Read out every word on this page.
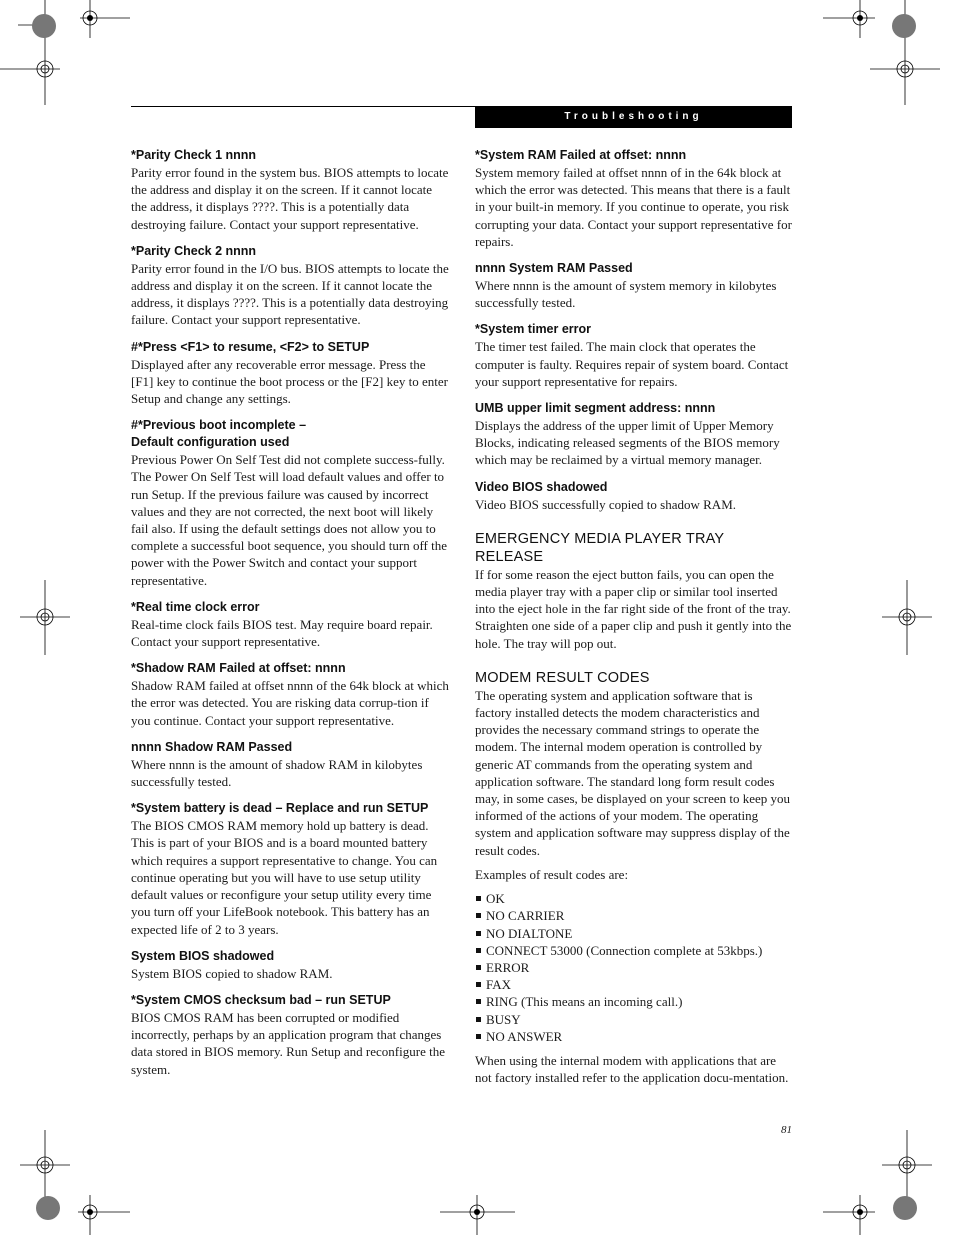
Troubleshooting
*Parity Check 1 nnnn

Parity error found in the system bus. BIOS attempts to locate the address and display it on the screen. If it cannot locate the address, it displays ????. This is a potentially data destroying failure. Contact your support representative.

*Parity Check 2 nnnn

Parity error found in the I/O bus. BIOS attempts to locate the address and display it on the screen. If it cannot locate the address, it displays ????. This is a potentially data destroying failure. Contact your support representative.

#*Press <F1> to resume, <F2> to SETUP

Displayed after any recoverable error message. Press the [F1] key to continue the boot process or the [F2] key to enter Setup and change any settings.

#*Previous boot incomplete –
Default configuration used

Previous Power On Self Test did not complete success-fully. The Power On Self Test will load default values and offer to run Setup. If the previous failure was caused by incorrect values and they are not corrected, the next boot will likely fail also. If using the default settings does not allow you to complete a successful boot sequence, you should turn off the power with the Power Switch and contact your support representative.

*Real time clock error

Real-time clock fails BIOS test. May require board repair. Contact your support representative.

*Shadow RAM Failed at offset: nnnn

Shadow RAM failed at offset nnnn of the 64k block at which the error was detected. You are risking data corrup-tion if you continue. Contact your support representative.

nnnn Shadow RAM Passed

Where nnnn is the amount of shadow RAM in kilobytes successfully tested.

*System battery is dead – Replace and run SETUP

The BIOS CMOS RAM memory hold up battery is dead. This is part of your BIOS and is a board mounted battery which requires a support representative to change. You can continue operating but you will have to use setup utility default values or reconfigure your setup utility every time you turn off your LifeBook notebook. This battery has an expected life of 2 to 3 years.

System BIOS shadowed

System BIOS copied to shadow RAM.

*System CMOS checksum bad – run SETUP

BIOS CMOS RAM has been corrupted or modified incorrectly, perhaps by an application program that changes data stored in BIOS memory. Run Setup and reconfigure the system.

*System RAM Failed at offset: nnnn

System memory failed at offset nnnn of in the 64k block at which the error was detected. This means that there is a fault in your built-in memory. If you continue to operate, you risk corrupting your data. Contact your support representative for repairs.

nnnn System RAM Passed

Where nnnn is the amount of system memory in kilobytes successfully tested.

*System timer error

The timer test failed. The main clock that operates the computer is faulty. Requires repair of system board. Contact your support representative for repairs.

UMB upper limit segment address: nnnn

Displays the address of the upper limit of Upper Memory Blocks, indicating released segments of the BIOS memory which may be reclaimed by a virtual memory manager.

Video BIOS shadowed

Video BIOS successfully copied to shadow RAM.

EMERGENCY MEDIA PLAYER TRAY RELEASE

If for some reason the eject button fails, you can open the media player tray with a paper clip or similar tool inserted into the eject hole in the far right side of the front of the tray. Straighten one side of a paper clip and push it gently into the hole. The tray will pop out.

MODEM RESULT CODES

The operating system and application software that is factory installed detects the modem characteristics and provides the necessary command strings to operate the modem. The internal modem operation is controlled by generic AT commands from the operating system and application software. The standard long form result codes may, in some cases, be displayed on your screen to keep you informed of the actions of your modem. The operating system and application software may suppress display of the result codes.

Examples of result codes are:

OK
NO CARRIER
NO DIALTONE
CONNECT 53000 (Connection complete at 53kbps.)
ERROR
FAX
RING (This means an incoming call.)
BUSY
NO ANSWER

When using the internal modem with applications that are not factory installed refer to the application docu-mentation.

81
